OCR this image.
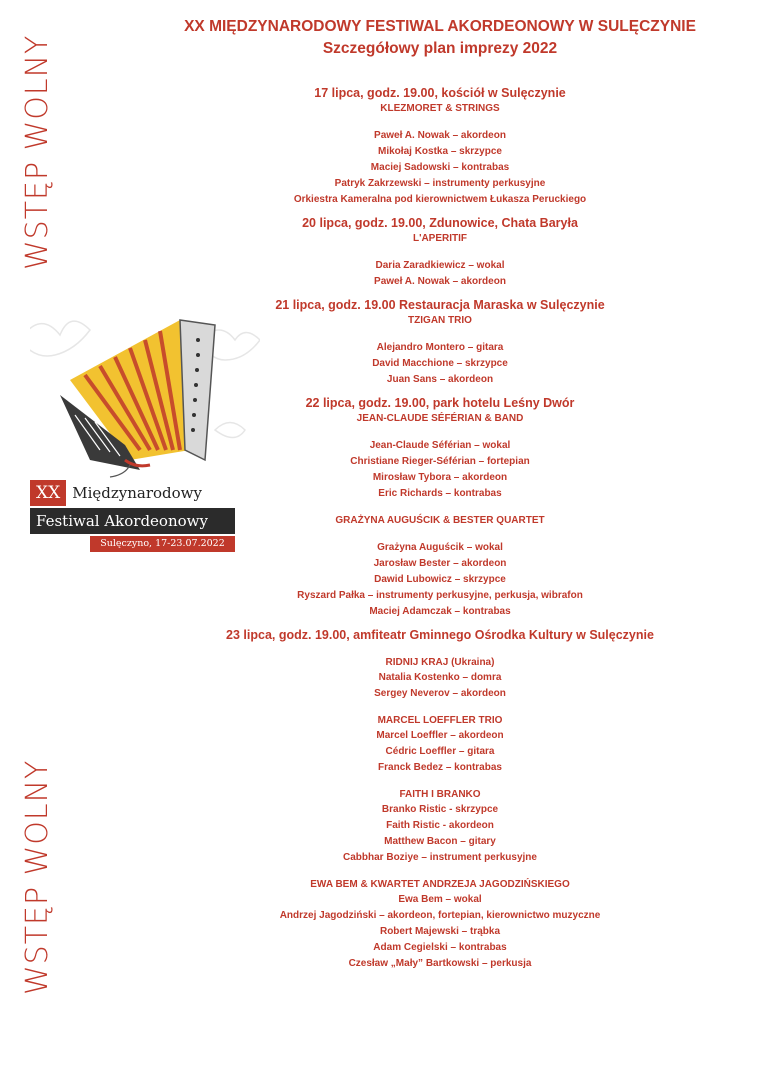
WSTĘP WOLNY
WSTĘP WOLNY
XX MIĘDZYNARODOWY FESTIWAL AKORDEONOWY W SULĘCZYNIE
Szczegółowy plan imprezy 2022
XX Międzynarodowy
Festiwal Akordeonowy
Sulęczyno, 17-23.07.2022
17 lipca, godz. 19.00, kościół w Sulęczynie
KLEZMORET & STRINGS
Paweł A. Nowak – akordeon
Mikołaj Kostka – skrzypce
Maciej Sadowski – kontrabas
Patryk Zakrzewski – instrumenty perkusyjne
Orkiestra Kameralna pod kierownictwem Łukasza Peruckiego
20 lipca, godz. 19.00, Zdunowice, Chata Baryła
L'APERITIF
Daria Zaradkiewicz – wokal
Paweł A. Nowak – akordeon
21 lipca, godz. 19.00 Restauracja Maraska w Sulęczynie
TZIGAN TRIO
Alejandro Montero – gitara
David Macchione – skrzypce
Juan Sans – akordeon
22 lipca, godz. 19.00, park hotelu Leśny Dwór
JEAN-CLAUDE SÉFÉRIAN & BAND
Jean-Claude Séférian – wokal
Christiane Rieger-Séférian – fortepian
Mirosław Tybora – akordeon
Eric Richards – kontrabas
GRAŻYNA AUGUŚCIK & BESTER QUARTET
Grażyna Auguścik – wokal
Jarosław Bester – akordeon
Dawid Lubowicz – skrzypce
Ryszard Pałka – instrumenty perkusyjne, perkusja, wibrafon
Maciej Adamczak – kontrabas
23 lipca, godz. 19.00, amfiteatr Gminnego Ośrodka Kultury w Sulęczynie
RIDNIJ KRAJ (Ukraina)
Natalia Kostenko – domra
Sergey Neverov – akordeon
MARCEL LOEFFLER TRIO
Marcel Loeffler – akordeon
Cédric Loeffler – gitara
Franck Bedez – kontrabas
FAITH I BRANKO
Branko Ristic - skrzypce
Faith Ristic - akordeon
Matthew Bacon – gitary
Cabbhar Boziye – instrument perkusyjne
EWA BEM & KWARTET ANDRZEJA JAGODZIŃSKIEGO
Ewa Bem – wokal
Andrzej Jagodziński – akordeon, fortepian, kierownictwo muzyczne
Robert Majewski – trąbka
Adam Cegielski – kontrabas
Czesław „Mały” Bartkowski – perkusja
